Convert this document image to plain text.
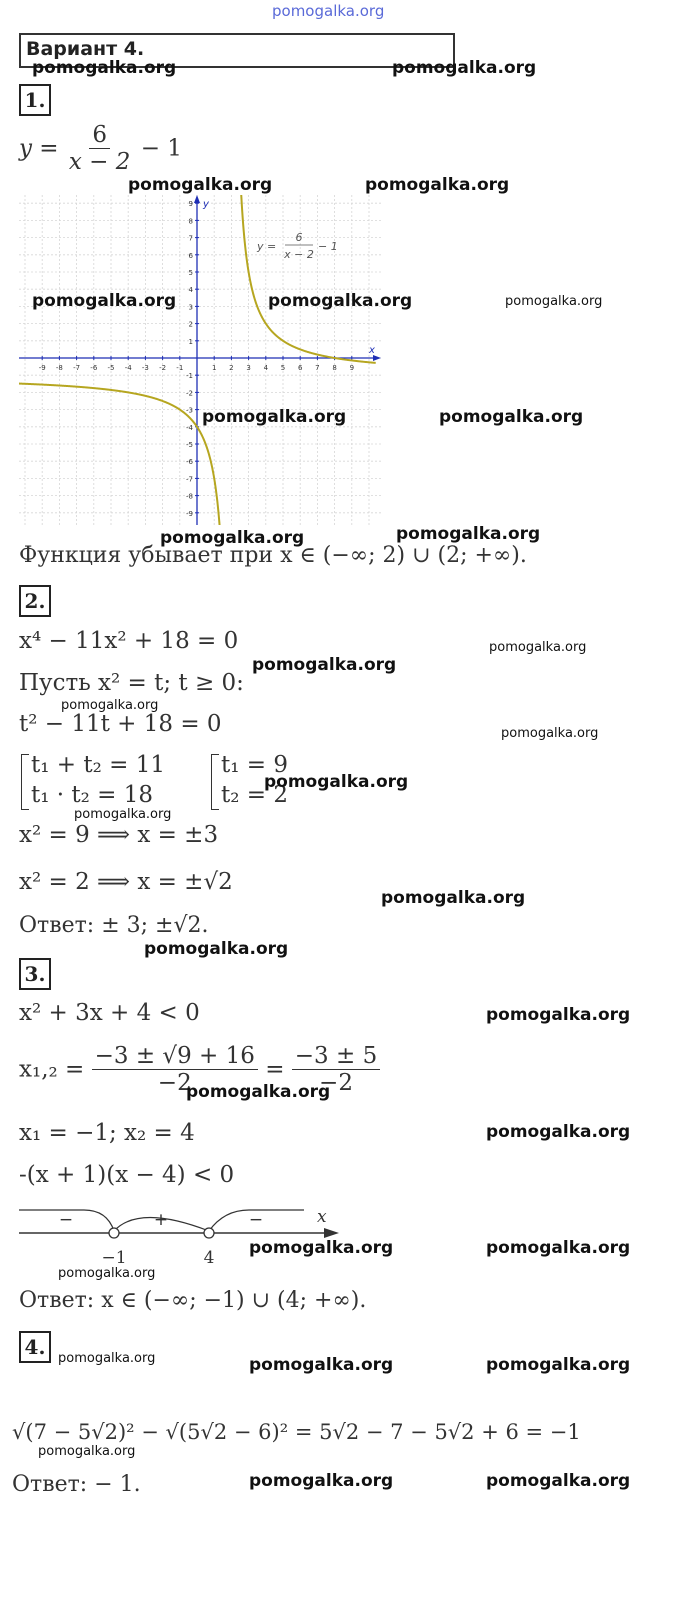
pomogalka.org
Вариант 4.
1.
$y = \frac{6}{x - 2} - 1$
x
y
-9 -8 -7 -6 -5 -4 -3 -2 -1	1 2 3 4 5 6 7 8 9
9
8
7
6
5
4
3
2
1
-1
-2
-3
-4
-5
-6
-7
-8
-9
y =
6
x − 2
− 1
Функция убывает при x ∈ (−∞; 2) ∪ (2; +∞).
2.
x⁴ − 11x² + 18 = 0
Пусть x² = t; t ≥ 0:
t² − 11t + 18 = 0
t₁ + t₂ = 11
t₁ · t₂ = 18
t₁ = 9
t₂ = 2
x² = 9 ⟹ x = ±3
x² = 2 ⟹ x = ±√2
Ответ: ± 3; ±√2.
3.
x² + 3x + 4 < 0
$x_1,_2 = \frac{-3 \pm √9 + 16}{-2} = \frac{-3 \pm 5}{-2}$
x₁ = −1; x₂ = 4
-(x + 1)(x − 4) < 0
x
−	+	−
−1	4
Ответ: x ∈ (−∞; −1) ∪ (4; +∞).
4.
√(7 − 5√2)² − √(5√2 − 6)² = 5√2 − 7 − 5√2 + 6 = −1
Ответ: − 1.
pomogalka.org	pomogalka.org
pomogalka.org	pomogalka.org
pomogalka.org	pomogalka.org	pomogalka.org
pomogalka.org	pomogalka.org
pomogalka.org	pomogalka.org
pomogalka.org
pomogalka.org
pomogalka.org
pomogalka.org
pomogalka.org
pomogalka.org
pomogalka.org
pomogalka.org
pomogalka.org
pomogalka.org
pomogalka.org
pomogalka.org	pomogalka.org
pomogalka.org
pomogalka.org	pomogalka.org	pomogalka.org
pomogalka.org
pomogalka.org	pomogalka.org
